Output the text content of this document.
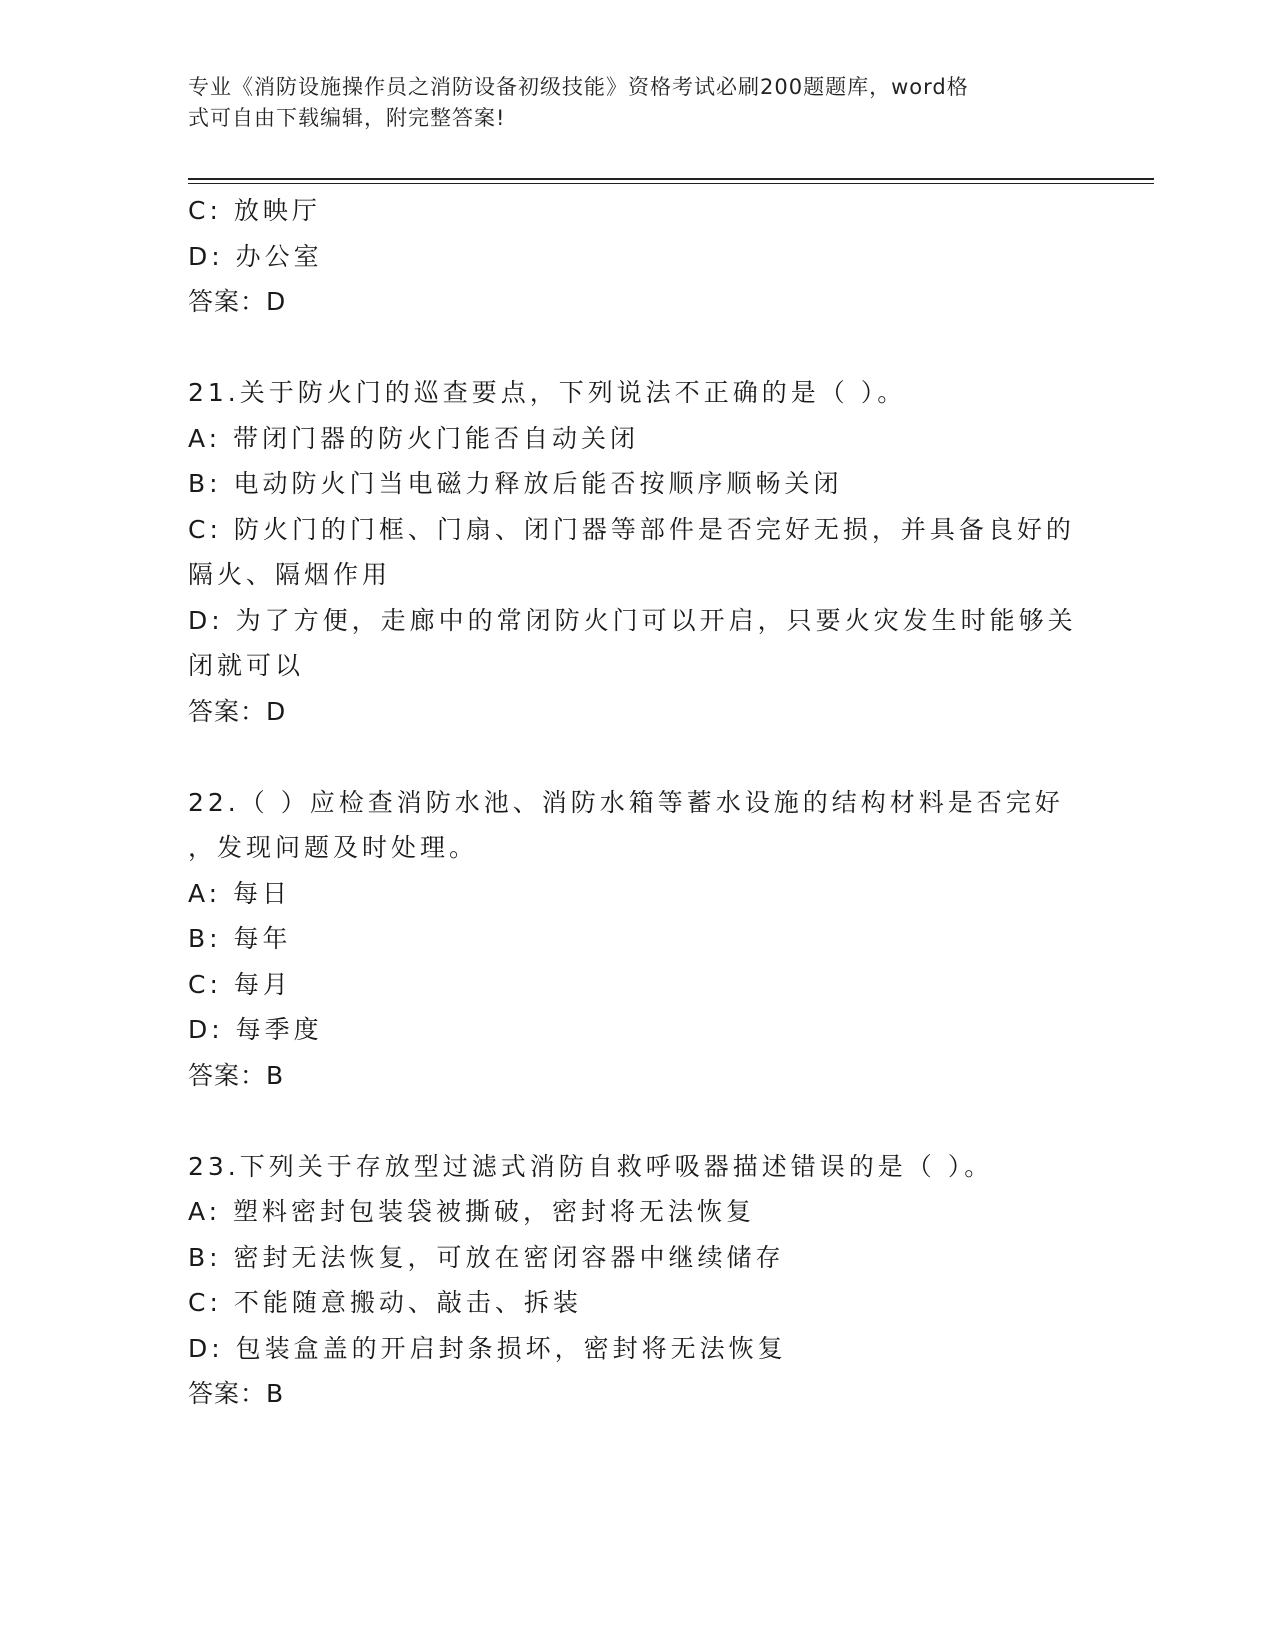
专业《消防设施操作员之消防设备初级技能》资格考试必刷200题题库，word格
式可自由下载编辑，附完整答案!
C: 放映厅
D: 办公室
答案：D
21.关于防火门的巡查要点，下列说法不正确的是（ ）。
A: 带闭门器的防火门能否自动关闭
B: 电动防火门当电磁力释放后能否按顺序顺畅关闭
C: 防火门的门框、门扇、闭门器等部件是否完好无损，并具备良好的
隔火、隔烟作用
D: 为了方便，走廊中的常闭防火门可以开启，只要火灾发生时能够关
闭就可以
答案：D
22.（ ）应检查消防水池、消防水箱等蓄水设施的结构材料是否完好
，发现问题及时处理。
A: 每日
B: 每年
C: 每月
D: 每季度
答案：B
23.下列关于存放型过滤式消防自救呼吸器描述错误的是（ ）。
A: 塑料密封包装袋被撕破，密封将无法恢复
B: 密封无法恢复，可放在密闭容器中继续储存
C: 不能随意搬动、敲击、拆装
D: 包装盒盖的开启封条损坏，密封将无法恢复
答案：B
